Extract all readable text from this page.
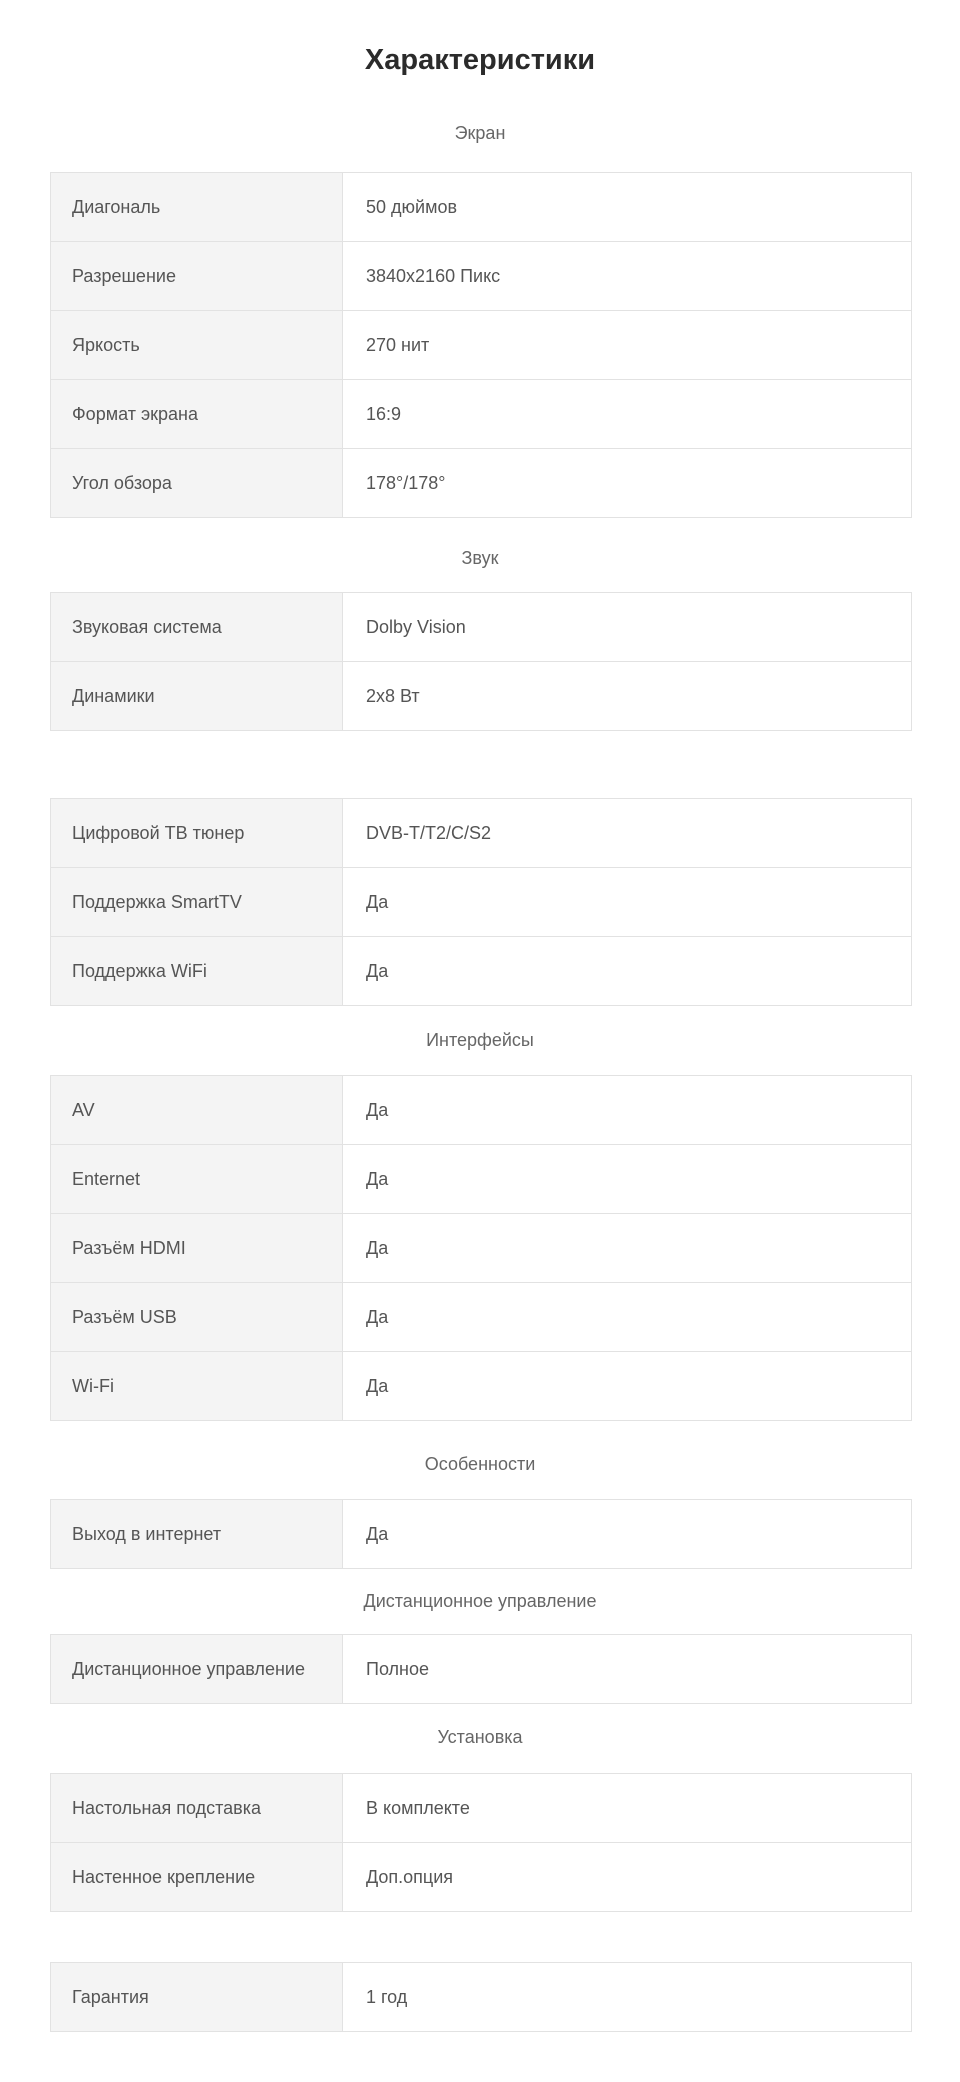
Характеристики
Экран
Диагональ	50 дюймов
Разрешение	3840x2160 Пикс
Яркость	270 нит
Формат экрана	16:9
Угол обзора	178°/178°
Звук
Звуковая система	Dolby Vision
Динамики	2x8 Вт
Цифровой ТВ тюнер	DVB-T/T2/C/S2
Поддержка SmartTV	Да
Поддержка WiFi	Да
Интерфейсы
AV	Да
Enternet	Да
Разъём HDMI	Да
Разъём USB	Да
Wi-Fi	Да
Особенности
Выход в интернет	Да
Дистанционное управление
Дистанционное управление	Полное
Установка
Настольная подставка	В комплекте
Настенное крепление	Доп.опция
Гарантия	1 год
